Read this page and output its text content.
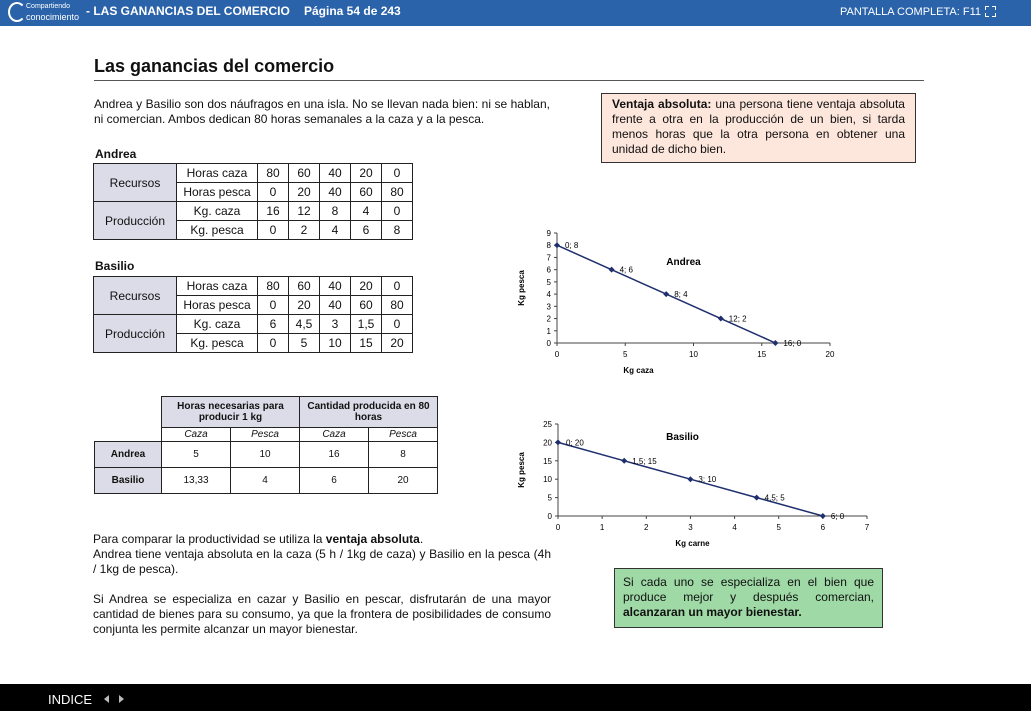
Compartiendo
conocimiento - LAS GANANCIAS DEL COMERCIO Página 54 de 243	PANTALLA COMPLETA: F11
Las ganancias del comercio
Andrea y Basilio son dos náufragos en una isla. No se llevan nada bien: ni se hablan, ni comercian. Ambos dedican 80 horas semanales a la caza y a la pesca.
Ventaja absoluta: una persona tiene ventaja absoluta frente a otra en la producción de un bien, si tarda menos horas que la otra persona en obtener una unidad de dicho bien.
Andrea
Recursos	Horas caza	80	60	40	20	0
	Horas pesca	0	20	40	60	80
Producción	Kg. caza	16	12	8	4	0
	Kg. pesca	0	2	4	6	8
Basilio
Recursos	Horas caza	80	60	40	20	0
	Horas pesca	0	20	40	60	80
Producción	Kg. caza	6	4,5	3	1,5	0
	Kg. pesca	0	5	10	15	20
	Horas necesarias para producir 1 kg		Cantidad producida en 80 horas	
	Caza	Pesca	Caza	Pesca
Andrea	5	10	16	8
Basilio	13,33	4	6	20

Para comparar la productividad se utiliza la ventaja absoluta.

Andrea tiene ventaja absoluta en la caza (5 h / 1kg de caza) y Basilio en la pesca (4h / 1kg de pesca).

Si Andrea se especializa en cazar y Basilio en pescar, disfrutarán de una mayor cantidad de bienes para su consumo, ya que la frontera de posibilidades de consumo conjunta les permite alcanzar un mayor bienestar.

Si cada uno se especializa en el bien que produce mejor y después comercian, alcanzaran un mayor bienestar.
0
1
2
3
4
5
6
7
8
9
0	5	10	15	20
0; 8
4; 6
8; 4
12; 2
16; 0
Andrea
Kg caza
Kg pesca
0
5
10
15
20
25
0	1	2	3	4	5	6	7
0; 20
1,5; 15
3; 10
4,5; 5
6; 0
Basilio
Kg carne
Kg pesca
INDICE
